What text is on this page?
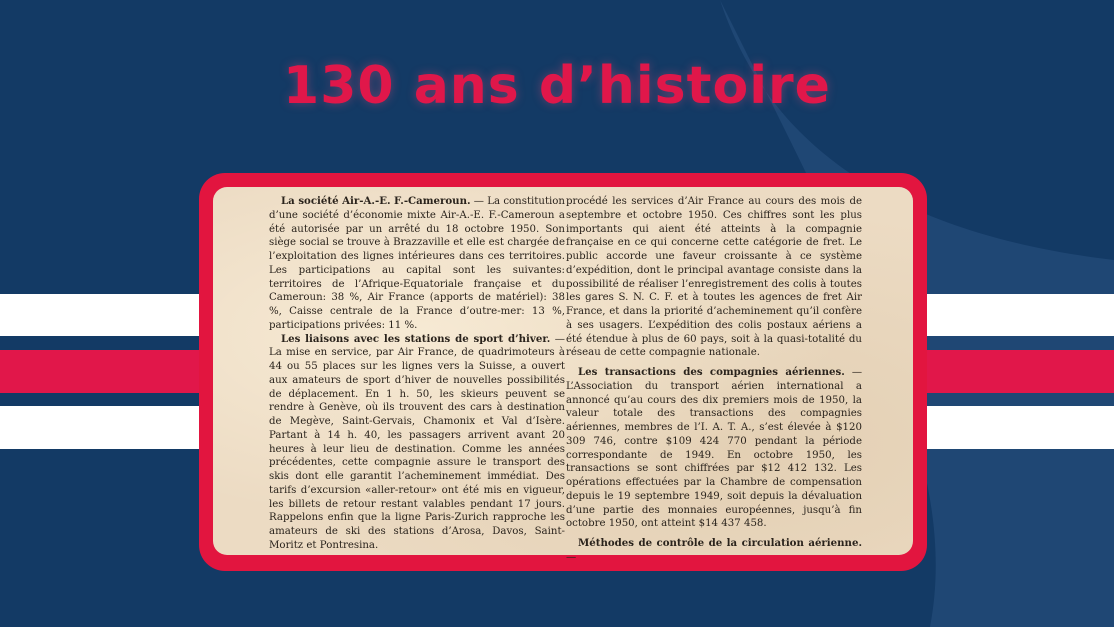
130 ans d’histoire

La société Air-A.-E. F.-Cameroun. — La constitution d’une société d’économie mixte Air-A.-E. F.-Cameroun a été autorisée par un arrêté du 18 octobre 1950. Son siège social se trouve à Brazzaville et elle est chargée de l’exploitation des lignes intérieures dans ces territoires. Les participations au capital sont les suivantes: territoires de l’Afrique-Equatoriale française et du Cameroun: 38 %, Air France (apports de matériel): 38 %, Caisse centrale de la France d’outre-mer: 13 %, participations privées: 11 %.

Les liaisons avec les stations de sport d’hiver. — La mise en service, par Air France, de quadrimoteurs à 44 ou 55 places sur les lignes vers la Suisse, a ouvert aux amateurs de sport d’hiver de nouvelles possibilités de déplacement. En 1 h. 50, les skieurs peuvent se rendre à Genève, où ils trouvent des cars à destination de Megève, Saint-Gervais, Chamonix et Val d’Isère. Partant à 14 h. 40, les passagers arrivent avant 20 heures à leur lieu de destination. Comme les années précédentes, cette compagnie assure le transport des skis dont elle garantit l’acheminement immédiat. Des tarifs d’excursion «aller-retour» ont été mis en vigueur, les billets de retour restant valables pendant 17 jours. Rappelons enfin que la ligne Paris-Zurich rapproche les amateurs de ski des stations d’Arosa, Davos, Saint-Moritz et Pontresina.

procédé les services d’Air France au cours des mois de septembre et octobre 1950. Ces chiffres sont les plus importants qui aient été atteints à la compagnie française en ce qui concerne cette catégorie de fret. Le public accorde une faveur croissante à ce système d’expédition, dont le principal avantage consiste dans la possibilité de réaliser l’enregistrement des colis à toutes les gares S. N. C. F. et à toutes les agences de fret Air France, et dans la priorité d’acheminement qu’il confère à ses usagers. L’expédition des colis postaux aériens a été étendue à plus de 60 pays, soit à la quasi-totalité du réseau de cette compagnie nationale.

Les transactions des compagnies aériennes. — L’Association du transport aérien international a annoncé qu’au cours des dix premiers mois de 1950, la valeur totale des transactions des compagnies aériennes, membres de l’I. A. T. A., s’est élevée à $120 309 746, contre $109 424 770 pendant la période correspondante de 1949. En octobre 1950, les transactions se sont chiffrées par $12 412 132. Les opérations effectuées par la Chambre de compensation depuis le 19 septembre 1949, soit depuis la dévaluation d’une partie des monnaies européennes, jusqu’à fin octobre 1950, ont atteint $14 437 458.

Méthodes de contrôle de la circulation aérienne. —
